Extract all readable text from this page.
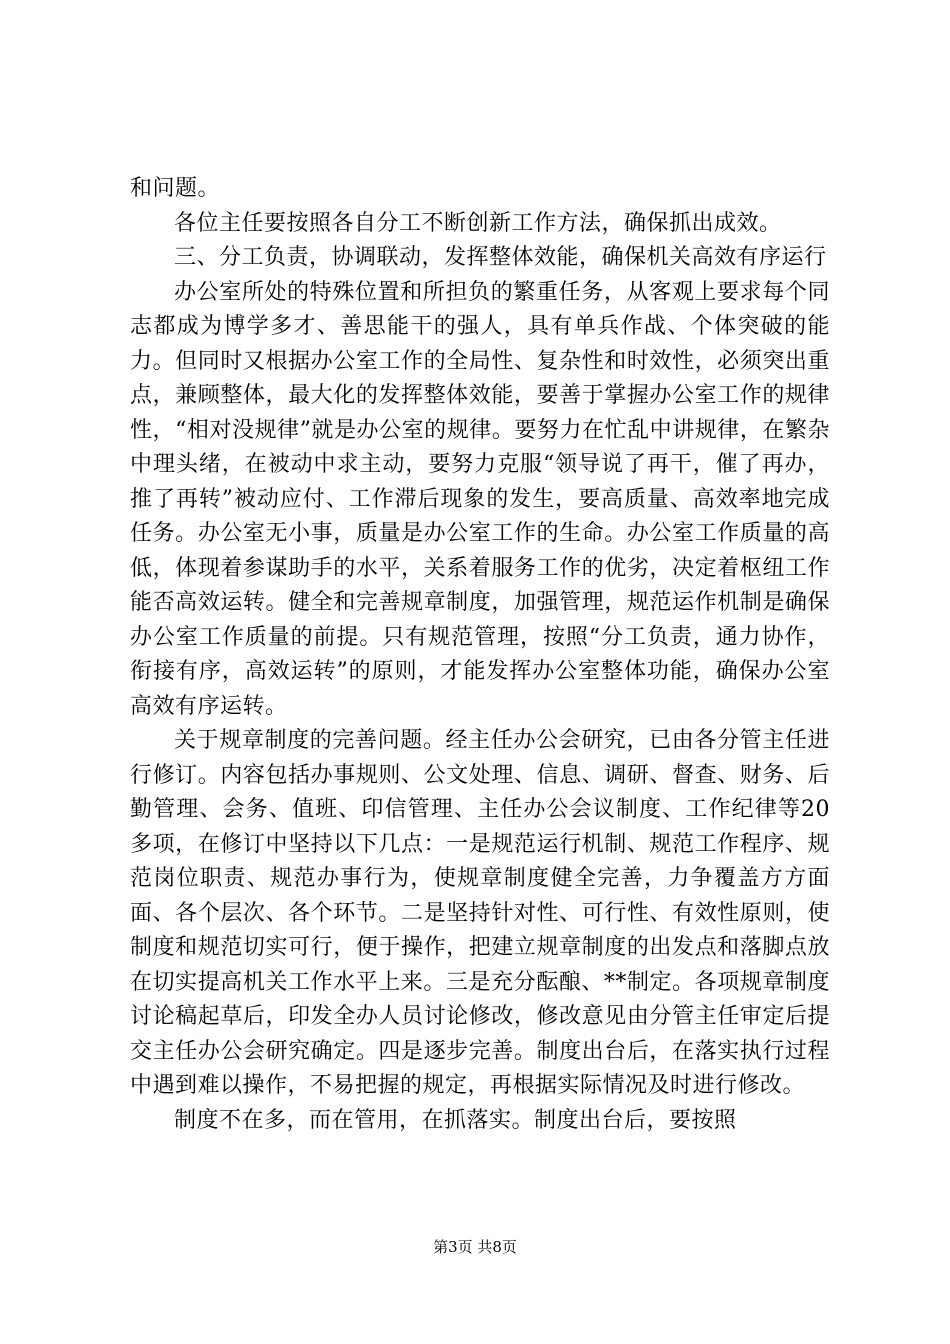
和问题。

各位主任要按照各自分工不断创新工作方法，确保抓出成效。

三、分工负责，协调联动，发挥整体效能，确保机关高效有序运行

办公室所处的特殊位置和所担负的繁重任务，从客观上要求每个同志都成为博学多才、善思能干的强人，具有单兵作战、个体突破的能力。但同时又根据办公室工作的全局性、复杂性和时效性，必须突出重点，兼顾整体，最大化的发挥整体效能，要善于掌握办公室工作的规律性，“相对没规律”就是办公室的规律。要努力在忙乱中讲规律，在繁杂中理头绪，在被动中求主动，要努力克服“领导说了再干，催了再办，推了再转”被动应付、工作滞后现象的发生，要高质量、高效率地完成任务。办公室无小事，质量是办公室工作的生命。办公室工作质量的高低，体现着参谋助手的水平，关系着服务工作的优劣，决定着枢纽工作能否高效运转。健全和完善规章制度，加强管理，规范运作机制是确保办公室工作质量的前提。只有规范管理，按照“分工负责，通力协作，衔接有序，高效运转”的原则，才能发挥办公室整体功能，确保办公室高效有序运转。

关于规章制度的完善问题。经主任办公会研究，已由各分管主任进行修订。内容包括办事规则、公文处理、信息、调研、督查、财务、后勤管理、会务、值班、印信管理、主任办公会议制度、工作纪律等20多项，在修订中坚持以下几点：一是规范运行机制、规范工作程序、规范岗位职责、规范办事行为，使规章制度健全完善，力争覆盖方方面面、各个层次、各个环节。二是坚持针对性、可行性、有效性原则，使制度和规范切实可行，便于操作，把建立规章制度的出发点和落脚点放在切实提高机关工作水平上来。三是充分酝酿、**制定。各项规章制度讨论稿起草后，印发全办人员讨论修改，修改意见由分管主任审定后提交主任办公会研究确定。四是逐步完善。制度出台后，在落实执行过程中遇到难以操作，不易把握的规定，再根据实际情况及时进行修改。

制度不在多，而在管用，在抓落实。制度出台后，要按照

第3页 共8页
